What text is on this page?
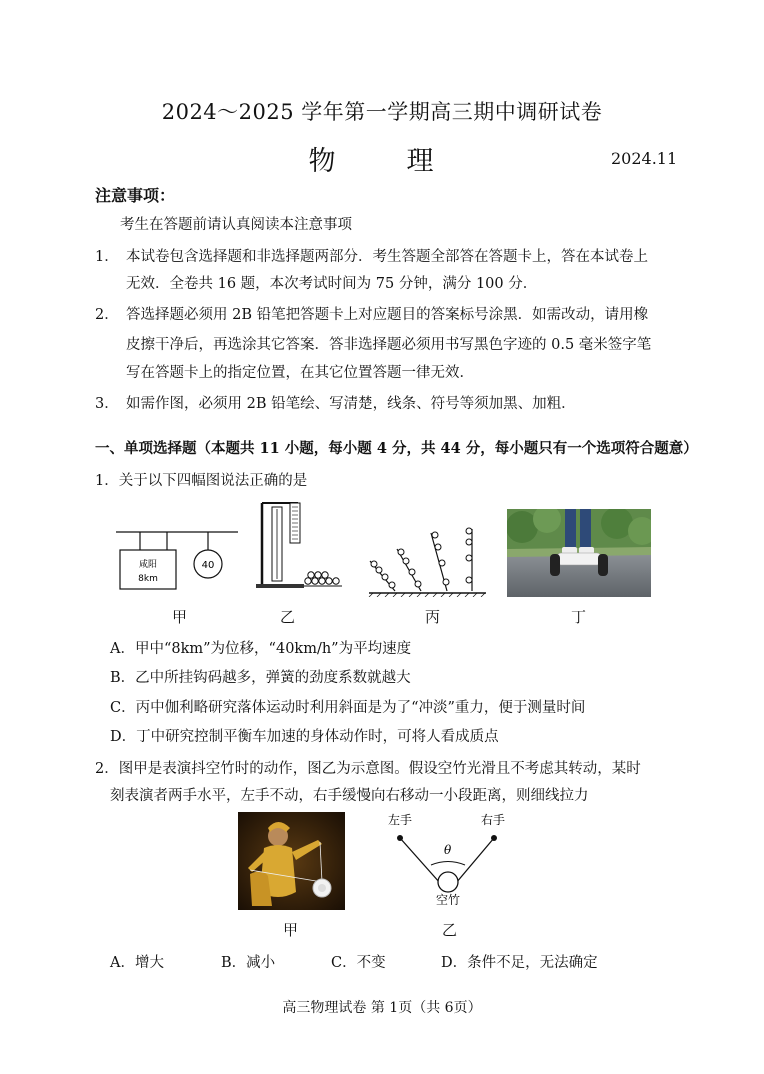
2024～2025 学年第一学期高三期中调研试卷
物　理	2024.11
注意事项：
考生在答题前请认真阅读本注意事项
1． 本试卷包含选择题和非选择题两部分．考生答题全部答在答题卡上，答在本试卷上
无效．全卷共 16 题，本次考试时间为 75 分钟，满分 100 分．
2． 答选择题必须用 2B 铅笔把答题卡上对应题目的答案标号涂黑．如需改动，请用橡
皮擦干净后，再选涂其它答案．答非选择题必须用书写黑色字迹的 0.5 毫米签字笔
写在答题卡上的指定位置，在其它位置答题一律无效．
3． 如需作图，必须用 2B 铅笔绘、写清楚，线条、符号等须加黑、加粗．
一、单项选择题（本题共 11 小题，每小题 4 分，共 44 分，每小题只有一个选项符合题意）
1．关于以下四幅图说法正确的是
咸阳
8km
40
甲	乙	丙	丁
A．甲中“8km”为位移，“40km/h”为平均速度
B．乙中所挂钩码越多，弹簧的劲度系数就越大
C．丙中伽利略研究落体运动时利用斜面是为了“冲淡”重力，便于测量时间
D．丁中研究控制平衡车加速的身体动作时，可将人看成质点
2．图甲是表演抖空竹时的动作，图乙为示意图。假设空竹光滑且不考虑其转动，某时
刻表演者两手水平，左手不动，右手缓慢向右移动一小段距离，则细线拉力
左手	右手
θ
空竹
甲	乙
A．增大	B．减小	C．不变	D．条件不足，无法确定
高三物理试卷 第 1页（共 6页）
